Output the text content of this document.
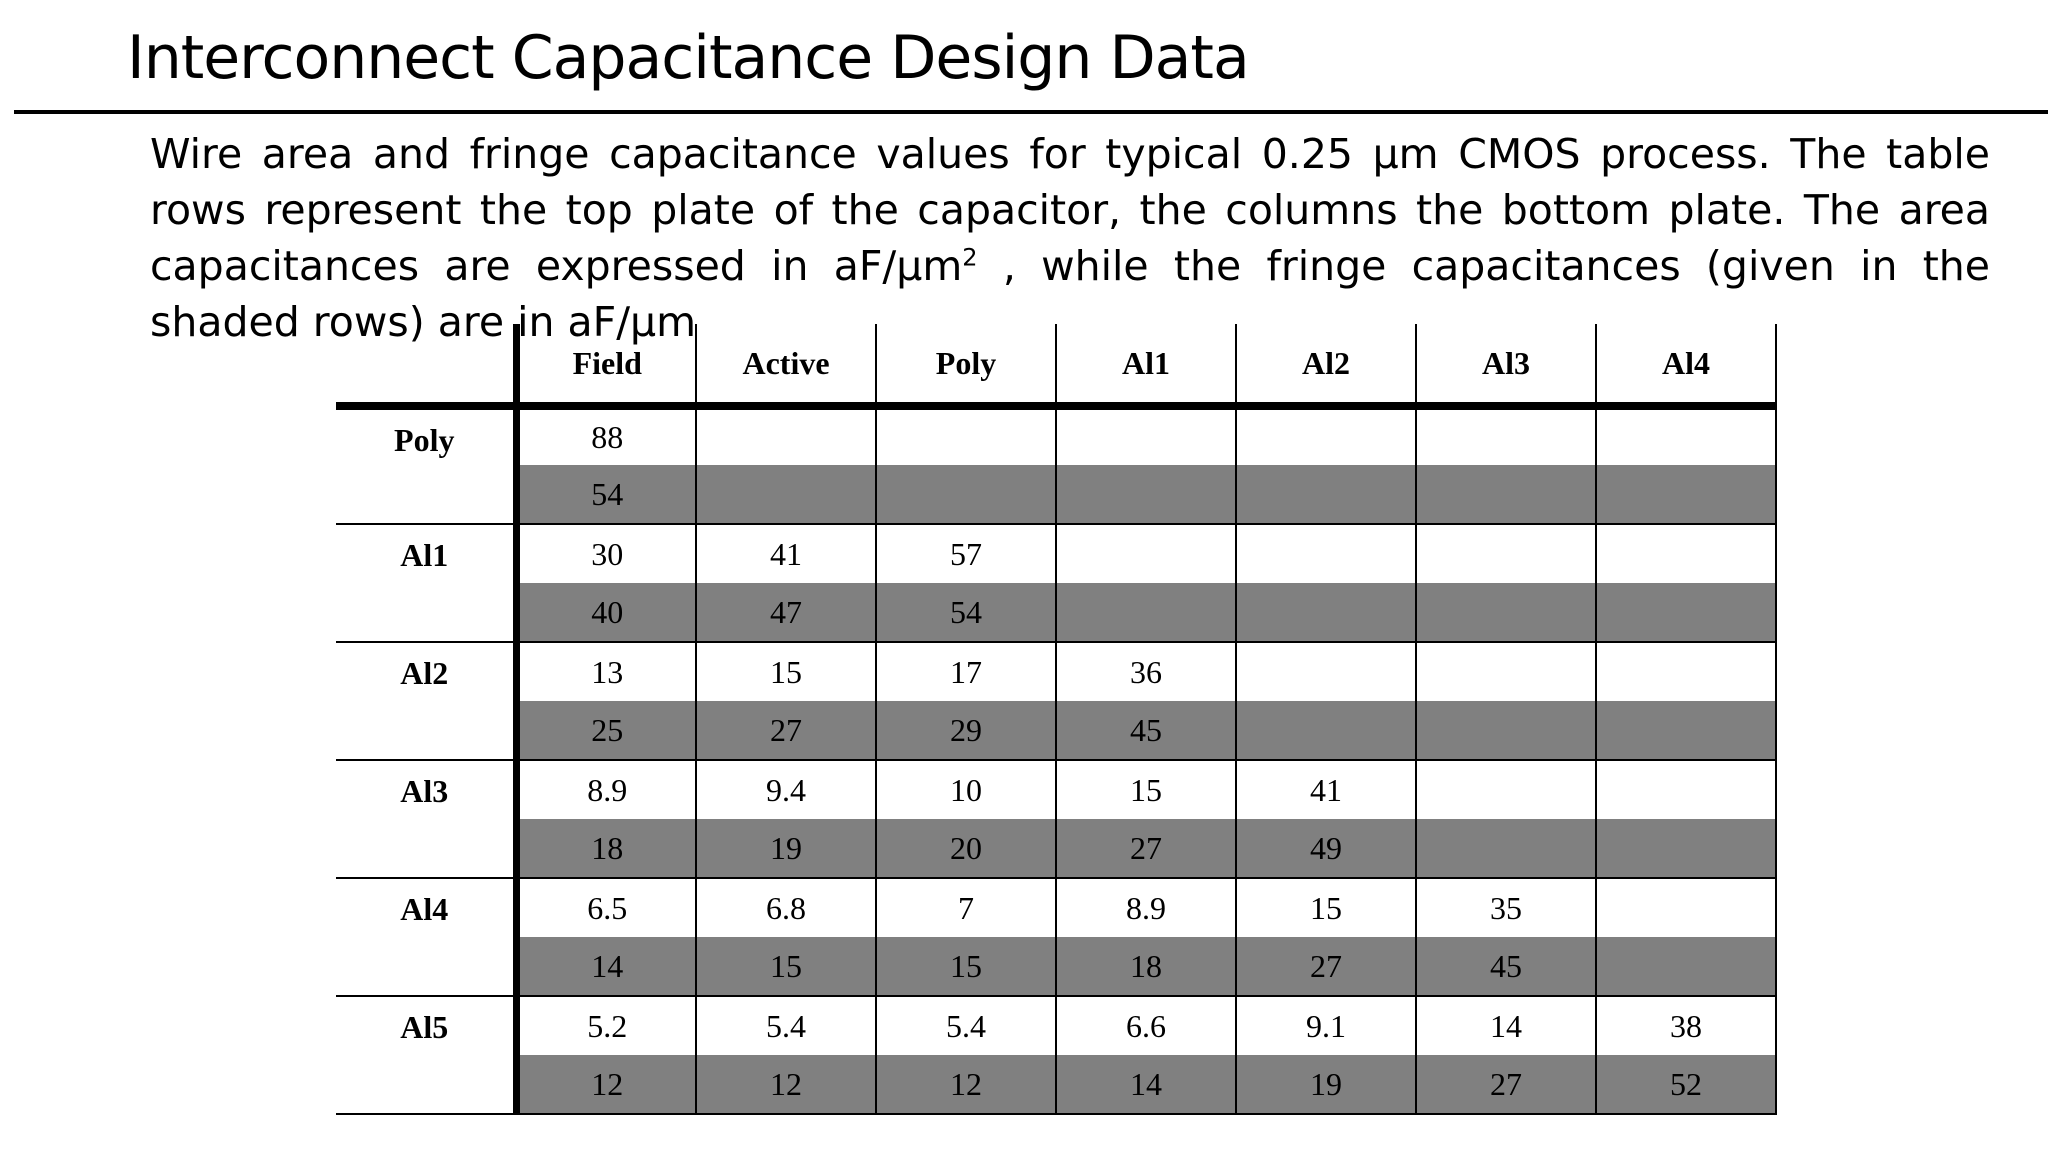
Interconnect Capacitance Design Data

Wire area and fringe capacitance values for typical 0.25 µm CMOS process. The table rows represent the top plate of the capacitor, the columns the bottom plate. The area capacitances are expressed in aF/µm$^2$ , while the fringe capacitances (given in the shaded rows) are in aF/µm

	Field	Active	Poly	Al1	Al2	Al3	Al4
Poly	88						
	54						
Al1	30	41	57				
	40	47	54				
Al2	13	15	17	36			
	25	27	29	45			
Al3	8.9	9.4	10	15	41		
	18	19	20	27	49		
Al4	6.5	6.8	7	8.9	15	35	
	14	15	15	18	27	45	
Al5	5.2	5.4	5.4	6.6	9.1	14	38
	12	12	12	14	19	27	52
